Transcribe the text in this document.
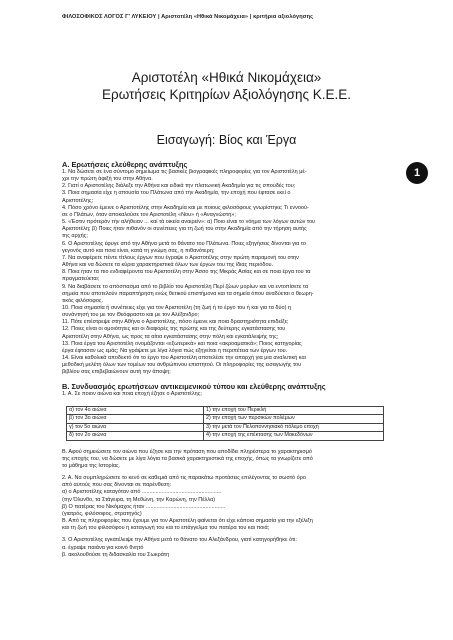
ΦΙΛΟΣΟΦΙΚΟΣ ΛΟΓΟΣ Γ' ΛΥΚΕΙΟΥ | Αριστοτέλη «Ηθικά Νικομάχεια» | κριτήρια αξιολόγησης
Αριστοτέλη «Ηθικά Νικομάχεια»
Ερωτήσεις Κριτηρίων Αξιολόγησης Κ.Ε.Ε.
Εισαγωγή: Βίος και Έργα
1
Α. Ερωτήσεις ελεύθερης ανάπτυξης

1. Να δώσετε σε ένα σύντομο σημείωμα τις βασικές βιογραφικές πληροφορίες για τον Αριστοτέλη μέ-

χρι την πρώτη άφιξή του στην Αθήνα.

2. Γιατί ο Αριστοτέλης διάλεξε την Αθήνα και ειδικά την πλατωνική Ακαδημία για τις σπουδές του;

3. Ποια σημασία είχε η απουσία του Πλάτωνα από την Ακαδημία, την εποχή που έφτασε εκεί ο

Αριστοτέλης;

4. Πόσο χρόνο έμεινε ο Αριστοτέλης στην Ακαδημία και με ποιους φιλοσόφους γνωρίστηκε; Τι εννοού-

σε ο Πλάτων, όταν αποκαλούσε τον Αριστοτέλη «Νου» ή «Αναγνώστη»;

5. «Έστιν πρότερόν τήν αλήθειαν ... καί τά οικεία αναιρείν»: α) Ποιο είναι το νόημα των λόγων αυτών του

Αριστοτέλη; β) Ποιες ήταν πιθανόν οι συνέπειες για τη ζωή του στην Ακαδημία από την τήρηση αυτής

της αρχής;

6. Ο Αριστοτέλης έφυγε από την Αθήνα μετά το θάνατο του Πλάτωνα. Ποιες εξηγήσεις δίνονται για το

γεγονός αυτό και ποια είναι, κατά τη γνώμη σας, η πιθανότερη;

7. Να αναφέρετε πέντε τίτλους έργων που έγραψε ο Αριστοτέλης στην πρώτη παραμονή του στην

Αθήνα και να δώσετε τα κύρια χαρακτηριστικά όλων των έργων του της ίδιας περιόδου.

8. Ποια ήταν τα πιο ενδιαφέροντα του Αριστοτέλη στην Άσσο της Μικράς Ασίας και σε ποια έργα του τα

πραγματεύεται;

9. Να διαβάσετε το απόσπασμα από το βιβλίο του Αριστοτέλη Περί ζώων μορίων και να εντοπίσετε τα

σημεία που αποτελούν παραπτήρηση ενώς θετικού επιστήμονα και τα σημεία όπου αναδύεται ο θεωρη-

τικός φιλόσοφος.

10. Ποια σημασία ή συνέπειες είχε για τον Αριστοτέλη (τη ζωή ή το έργο του ή και για τα δύο) η

συνάντησή του με τον Θεόφραστο και με τον Αλέξανδρο;

11. Πότε επέστρεψε στην Αθήνα ο Αριστοτέλης, πόσο έμεινε και ποια δραστηριότητα επιδείξε;

12. Ποιες είναι οι ομοιότητες και οι διαφορές της πρώτης και της δεύτερης εγκατάστασης του

Αριστοτέλη στην Αθήνα, ως προς τα αίτια εγκατάστασης στην πόλη και εγκατάλειψής της;

13. Ποια έργα του Αριστοτέλη ονομάζονται «εξωτερικά» και ποια «ακροαματικά»; Ποιος κατηγορίας

έργα έφτασαν ως εμάς; Να γράψετε με λίγα λόγια πώς εξηγείται η περιπέτεια των έργων του.

14. Είναι καθολικά αποδεκτό ότι το έργο του Αριστοτέλη αποτελέσε την απαρχή για μια αναλυτική και

μεθοδική μελέτη όλων των τομέων του ανθρώπινου επιστητού. Οι πληροφορίες της εισαγωγής του

βιβλίου σας επιβεβαιώνουν αυτή την άποψη;

Β. Συνδυασμός ερωτήσεων αντικειμενικού τύπου και ελεύθερης ανάπτυξης

1. Α. Σε ποιον αιώνα και ποια εποχή έζησε ο Αριστοτέλης;

α) τον 4ο αιώνα	1) την εποχή του Περικλή
β) τον 3ο αιώνα	2) την εποχή των περσικών πολέμων
γ) τον 5ο αιώνα	3) την μετά τον Πελοποννησιακό πόλεμο εποχή
δ) τον 2ο αιώνα	4) την εποχή της επέκτασης των Μακεδόνων

Β. Αφού σημειώσετε τον αιώνα που έζησε και την πρόταση που αποδίδει πληρέστερα το χαρακτηρισμό

της εποχής του, να δώσετε με λίγα λόγια τα βασικά χαρακτηριστικά της εποχής, όπως τα γνωρίζετε από

το μάθημα της Ιστορίας.

2. Α. Να συμπληρώσετε το κενό σε καθεμιά από τις παρακάτω προτάσεις επιλέγοντας το σωστό όρο

από αυτούς που σας δίνονται σε παρένθεση:

α) ο Αριστοτέλης καταγόταν από ....................................................

(την Όλυνθο, τα Στάγειρα, τη Μεθώνη, την Καρώνη, την Πέλλα)

β) Ο πατέρας του Νικόμαχος ήταν ....................................................

(γιατρός, φιλόσοφος, στρατηγός)

Β. Από τις πληροφορίες που έχουμε για τον Αριστοτέλη φαίνεται ότι είχε κάποια σημασία για την εξέλιξη

και τη ζωή του φιλοσόφου η καταγωγή του και το επάγγελμα του πατέρα του και ποιά;

3. Ο Αριστοτέλης εγκατέλειψε την Αθήνα μετά το θάνατο του Αλεξάνδρου, γιατί κατηγορήθηκε ότι:

α. έγραψε παιάνα για κοινό θνητό

β. ακολουθούσε τη διδασκαλία του Σωκράτη
